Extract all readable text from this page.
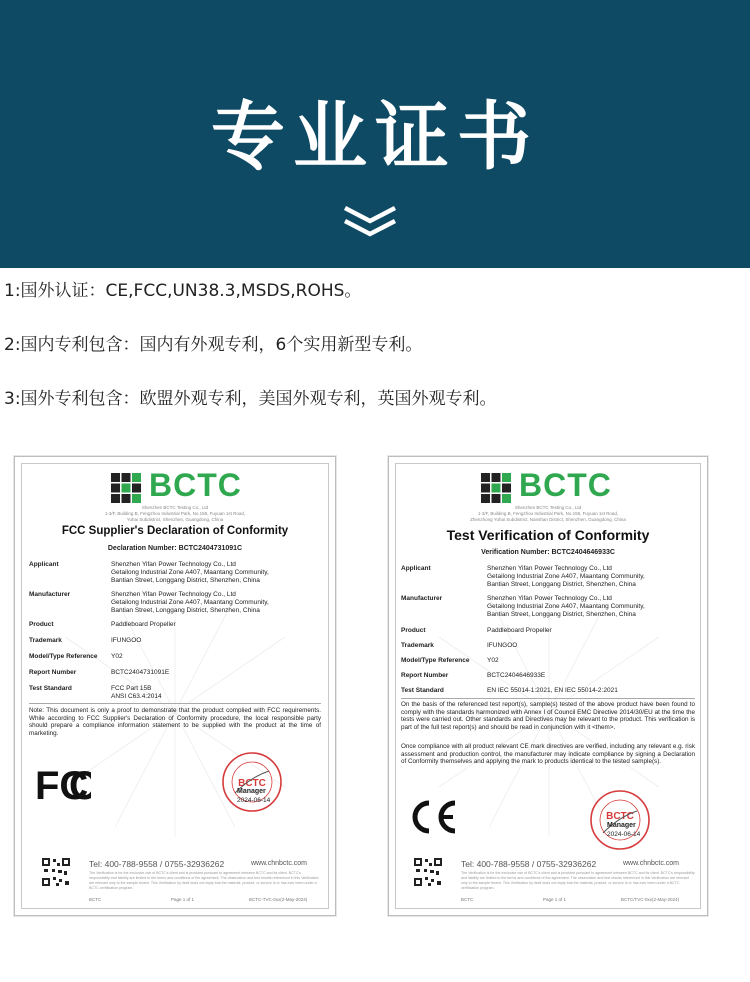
专业证书
1:国外认证：CE,FCC,UN38.3,MSDS,ROHS。
2:国内专利包含：国内有外观专利，6个实用新型专利。
3:国外专利包含：欧盟外观专利，美国外观专利，英国外观专利。
BCTC
Shenzhen BCTC Testing Co., Ltd
1-3/F, Building B, Fengzhou Industrial Park, No.158, Fuyuan 1st Road,
Yuhai Subdistrict, Shenzhen, Guangdong, China
FCC Supplier's Declaration of Conformity
Declaration Number: BCTC2404731091C
Applicant	Shenzhen Yifan Power Technology Co., Ltd
Getailong Industrial Zone A407, Maantang Community,
Bantian Street, Longgang District, Shenzhen, China
Manufacturer	Shenzhen Yifan Power Technology Co., Ltd
Getailong Industrial Zone A407, Maantang Community,
Bantian Street, Longgang District, Shenzhen, China
Product	Paddleboard Propeller
Trademark	IFUNGOO
Model/Type Reference Y02
Report Number	BCTC2404731091E
Test Standard	FCC Part 15B
ANSI C63.4:2014
Note: This document is only a proof to demonstrate that the product complied with FCC requirements. While according to FCC Supplier's Declaration of Conformity procedure, the local responsible party should prepare a compliance information statement to be supplied with the product at the time of marketing.
FC
C	BCTC
Manager
2024-06-14
Tel: 400-788-9558 / 0755-32936262	www.chnbctc.com
The Verification is for the exclusive use of BCTC's client and is provided pursuant to agreement between BCTC and its client. BCTC's responsibility and liability are limited to the terms and conditions of the agreement. The observation and test results referenced in this Verification are relevant only to the sample tested. This Verification by itself does not imply that the material, product, or service is or has ever been under a BCTC certification program.
BCTC	Page 1 of 1	BCTC-TVC-0xx(2-May-2024)
BCTC
Shenzhen BCTC Testing Co., Ltd
1-3/F, Building B, Fengzhou Industrial Park, No.158, Fuyuan 1st Road,
Zhenzhong Yuhai Subdistrict, Nanshan District, Shenzhen, Guangdong, China
Test Verification of Conformity
Verification Number: BCTC2404646933C
Applicant	Shenzhen Yifan Power Technology Co., Ltd
Getailong Industrial Zone A407, Maantang Community,
Bantian Street, Longgang District, Shenzhen, China
Manufacturer	Shenzhen Yifan Power Technology Co., Ltd
Getailong Industrial Zone A407, Maantang Community,
Bantian Street, Longgang District, Shenzhen, China
Product	Paddleboard Propeller
Trademark	IFUNGOO
Model/Type Reference	Y02
Report Number	BCTC2404646933E
Test Standard	EN IEC 55014-1:2021, EN IEC 55014-2:2021
On the basis of the referenced test report(s), sample(s) tested of the above product have been found to comply with the standards harmonized with Annex I of Council EMC Directive 2014/30/EU at the time the tests were carried out. Other standards and Directives may be relevant to the product. This verification is part of the full test report(s) and should be read in conjunction with it <them>.
Once compliance with all product relevant CE mark directives are verified, including any relevant e.g. risk assessment and production control, the manufacturer may indicate compliance by signing a Declaration of Conformity themselves and applying the mark to products identical to the tested sample(s).
BCTC
Manager
2024-06-14
Tel: 400-788-9558 / 0755-32936262	www.chnbctc.com
The Verification is for the exclusive use of BCTC's client and is provided pursuant to agreement between BCTC and its client. BCTC's responsibility and liability are limited to the terms and conditions of the agreement. The observation and test results referenced in this Verification are relevant only to the sample tested. This Verification by itself does not imply that the material, product, or service is or has ever been under a BCTC certification program.
BCTC	Page 1 of 1	BCTC/TVC-0xx(2-May-2024)
